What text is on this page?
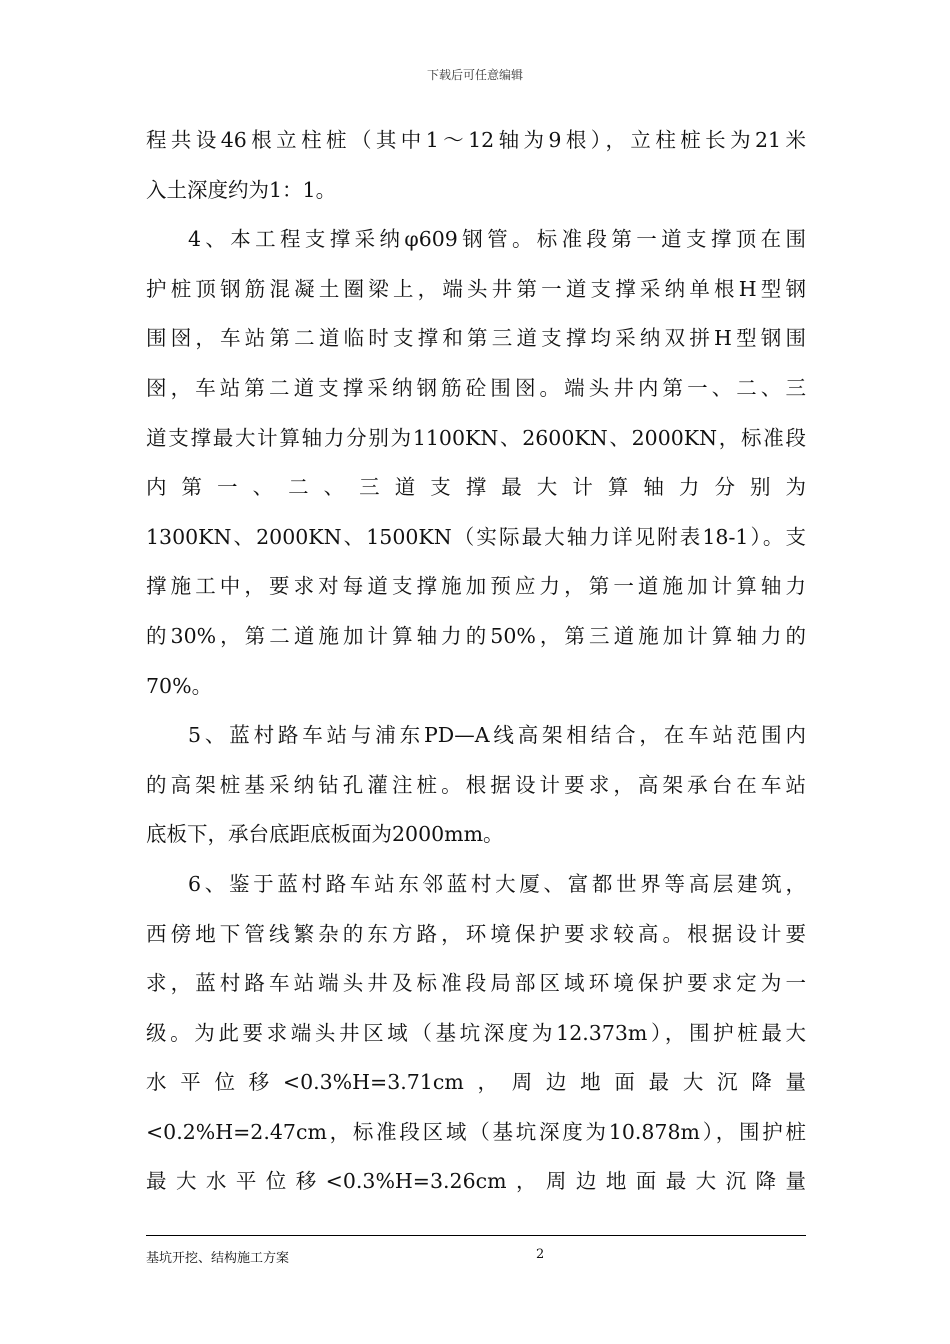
下载后可任意编辑
程共设46根立柱桩（其中1～12轴为9根），立柱桩长为21米
入土深度约为1：1。
4、本工程支撑采纳φ609钢管。标准段第一道支撑顶在围
护桩顶钢筋混凝土圈梁上，端头井第一道支撑采纳单根H型钢
围囹，车站第二道临时支撑和第三道支撑均采纳双拼H型钢围
囹，车站第二道支撑采纳钢筋砼围囹。端头井内第一、二、三
道支撑最大计算轴力分别为1100KN、2600KN、2000KN，标准段
内第一、二、三道支撑最大计算轴力分别为
1300KN、2000KN、1500KN（实际最大轴力详见附表18-1）。支
撑施工中，要求对每道支撑施加预应力，第一道施加计算轴力
的30%，第二道施加计算轴力的50%，第三道施加计算轴力的
70%。
5、蓝村路车站与浦东PD—A线高架相结合，在车站范围内
的高架桩基采纳钻孔灌注桩。根据设计要求，高架承台在车站
底板下，承台底距底板面为2000mm。
6、鉴于蓝村路车站东邻蓝村大厦、富都世界等高层建筑，
西傍地下管线繁杂的东方路，环境保护要求较高。根据设计要
求，蓝村路车站端头井及标准段局部区域环境保护要求定为一
级。为此要求端头井区域（基坑深度为12.373m），围护桩最大
水平位移<0.3%H=3.71cm，周边地面最大沉降量
<0.2%H=2.47cm，标准段区域（基坑深度为10.878m），围护桩
最大水平位移<0.3%H=3.26cm，周边地面最大沉降量
基坑开挖、结构施工方案	2
